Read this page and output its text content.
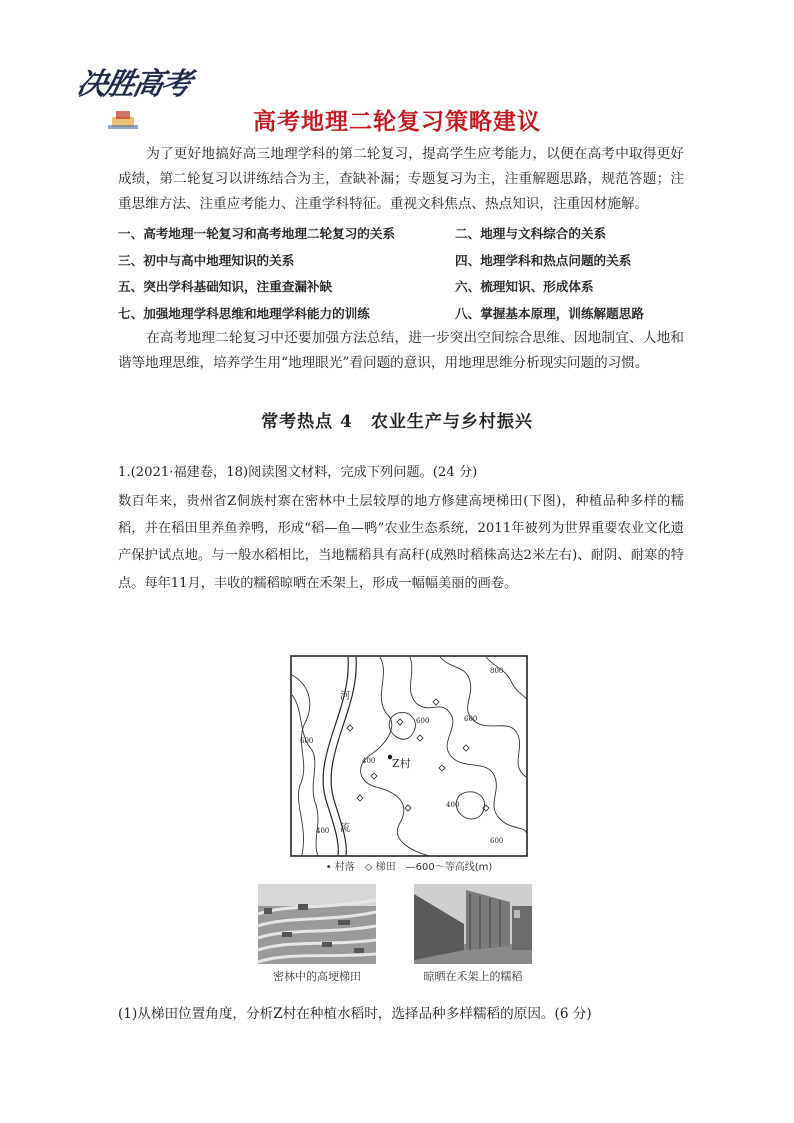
决胜高考
高考地理二轮复习策略建议
为了更好地搞好高三地理学科的第二轮复习，提高学生应考能力，以便在高考中取得更好成绩，第二轮复习以讲练结合为主，查缺补漏；专题复习为主，注重解题思路，规范答题；注重思维方法、注重应考能力、注重学科特征。重视文科焦点、热点知识，注重因材施解。
一、高考地理一轮复习和高考地理二轮复习的关系	二、地理与文科综合的关系
三、初中与高中地理知识的关系	四、地理学科和热点问题的关系
五、突出学科基础知识，注重查漏补缺	六、梳理知识、形成体系
七、加强地理学科思维和地理学科能力的训练	八、掌握基本原理，训练解题思路
在高考地理二轮复习中还要加强方法总结，进一步突出空间综合思维、因地制宜、人地和谐等地理思维，培养学生用“地理眼光”看问题的意识，用地理思维分析现实问题的习惯。
常考热点 4　农业生产与乡村振兴
1.(2021·福建卷，18)阅读图文材料，完成下列问题。(24 分)
数百年来，贵州省Z侗族村寨在密林中土层较厚的地方修建高埂梯田(下图)，种植品种多样的糯稻，并在稻田里养鱼养鸭，形成“稻—鱼—鸭”农业生态系统，2011年被列为世界重要农业文化遗产保护试点地。与一般水稻相比，当地糯稻具有高秆(成熟时稻株高达2米左右)、耐阴、耐寒的特点。每年11月，丰收的糯稻晾晒在禾架上，形成一幅幅美丽的画卷。
河
流
Z村
800
600
400
600
400
600
600
400
• 村落　◇ 梯田　—600～等高线(m)
密林中的高埂梯田	晾晒在禾架上的糯稻
(1)从梯田位置角度，分析Z村在种植水稻时，选择品种多样糯稻的原因。(6 分)
